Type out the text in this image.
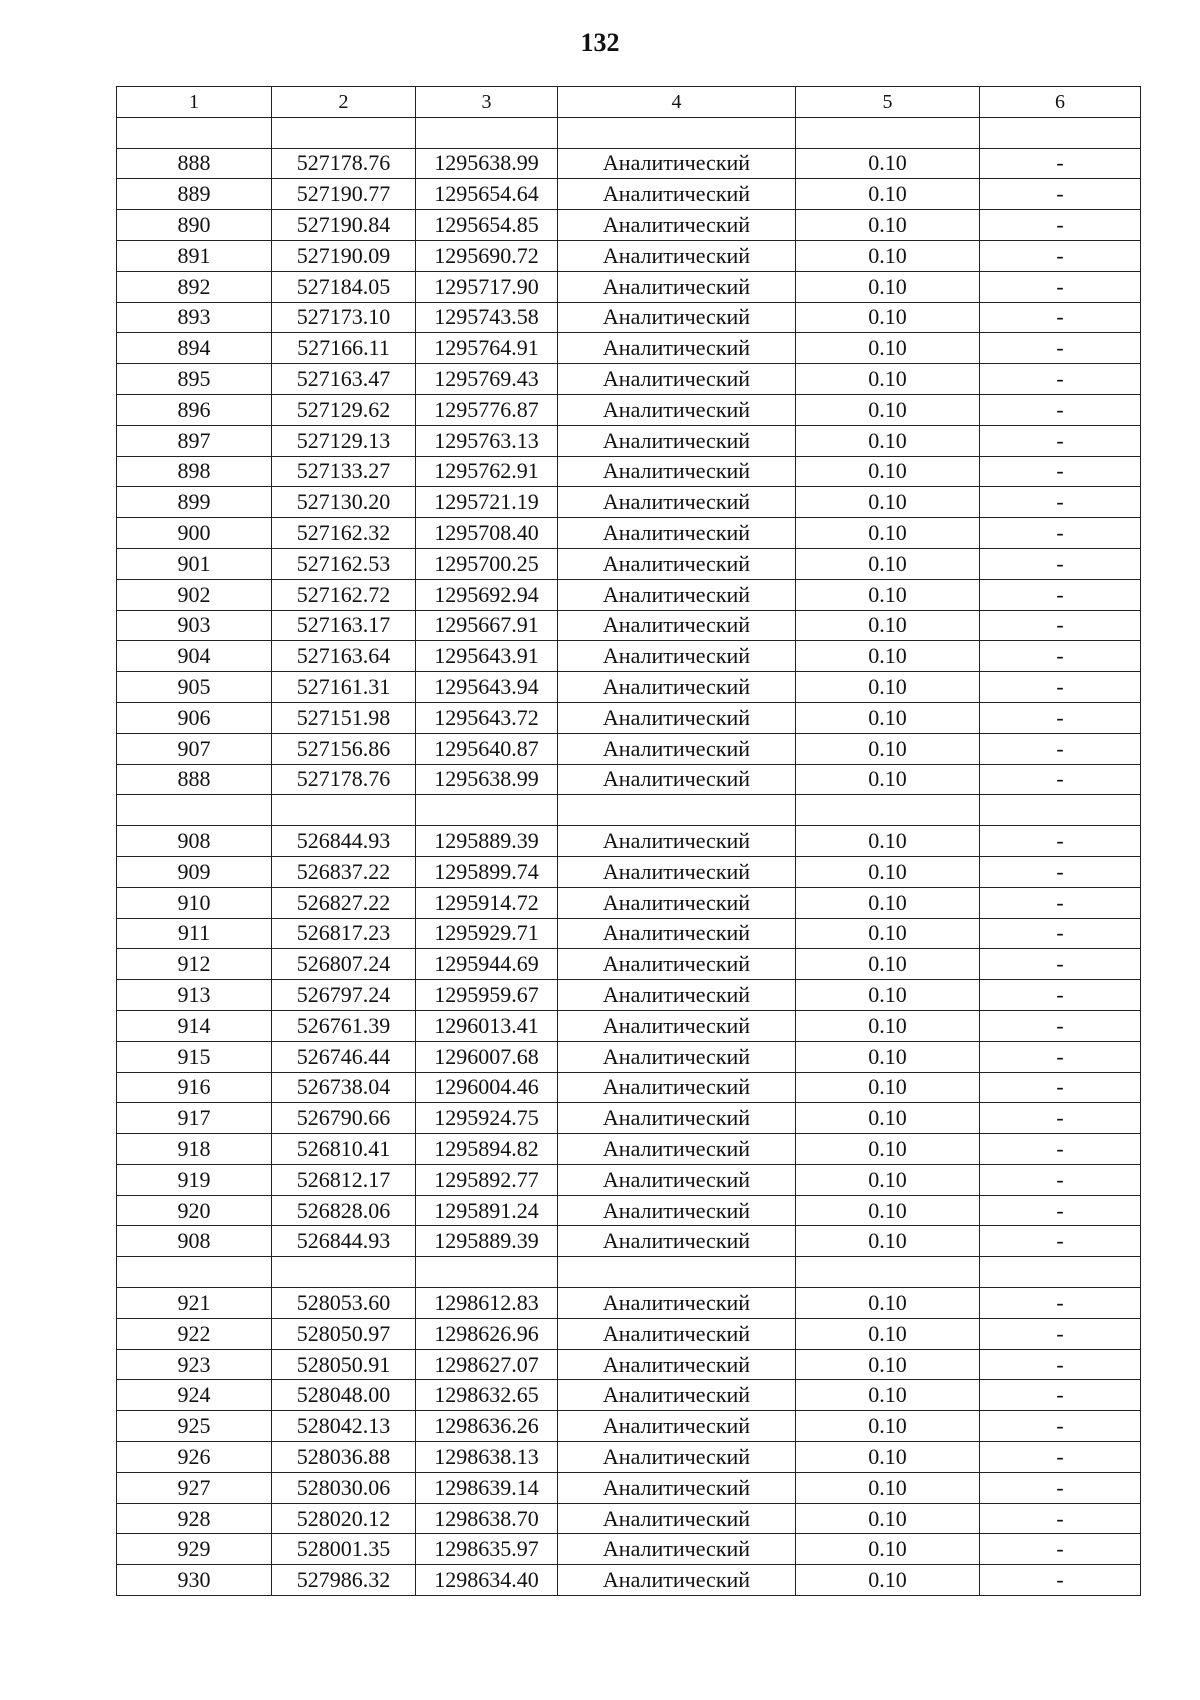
132
1	2	3	4	5	6

888	527178.76	1295638.99	Аналитический	0.10	-
889	527190.77	1295654.64	Аналитический	0.10	-
890	527190.84	1295654.85	Аналитический	0.10	-
891	527190.09	1295690.72	Аналитический	0.10	-
892	527184.05	1295717.90	Аналитический	0.10	-
893	527173.10	1295743.58	Аналитический	0.10	-
894	527166.11	1295764.91	Аналитический	0.10	-
895	527163.47	1295769.43	Аналитический	0.10	-
896	527129.62	1295776.87	Аналитический	0.10	-
897	527129.13	1295763.13	Аналитический	0.10	-
898	527133.27	1295762.91	Аналитический	0.10	-
899	527130.20	1295721.19	Аналитический	0.10	-
900	527162.32	1295708.40	Аналитический	0.10	-
901	527162.53	1295700.25	Аналитический	0.10	-
902	527162.72	1295692.94	Аналитический	0.10	-
903	527163.17	1295667.91	Аналитический	0.10	-
904	527163.64	1295643.91	Аналитический	0.10	-
905	527161.31	1295643.94	Аналитический	0.10	-
906	527151.98	1295643.72	Аналитический	0.10	-
907	527156.86	1295640.87	Аналитический	0.10	-
888	527178.76	1295638.99	Аналитический	0.10	-

908	526844.93	1295889.39	Аналитический	0.10	-
909	526837.22	1295899.74	Аналитический	0.10	-
910	526827.22	1295914.72	Аналитический	0.10	-
911	526817.23	1295929.71	Аналитический	0.10	-
912	526807.24	1295944.69	Аналитический	0.10	-
913	526797.24	1295959.67	Аналитический	0.10	-
914	526761.39	1296013.41	Аналитический	0.10	-
915	526746.44	1296007.68	Аналитический	0.10	-
916	526738.04	1296004.46	Аналитический	0.10	-
917	526790.66	1295924.75	Аналитический	0.10	-
918	526810.41	1295894.82	Аналитический	0.10	-
919	526812.17	1295892.77	Аналитический	0.10	-
920	526828.06	1295891.24	Аналитический	0.10	-
908	526844.93	1295889.39	Аналитический	0.10	-

921	528053.60	1298612.83	Аналитический	0.10	-
922	528050.97	1298626.96	Аналитический	0.10	-
923	528050.91	1298627.07	Аналитический	0.10	-
924	528048.00	1298632.65	Аналитический	0.10	-
925	528042.13	1298636.26	Аналитический	0.10	-
926	528036.88	1298638.13	Аналитический	0.10	-
927	528030.06	1298639.14	Аналитический	0.10	-
928	528020.12	1298638.70	Аналитический	0.10	-
929	528001.35	1298635.97	Аналитический	0.10	-
930	527986.32	1298634.40	Аналитический	0.10	-
